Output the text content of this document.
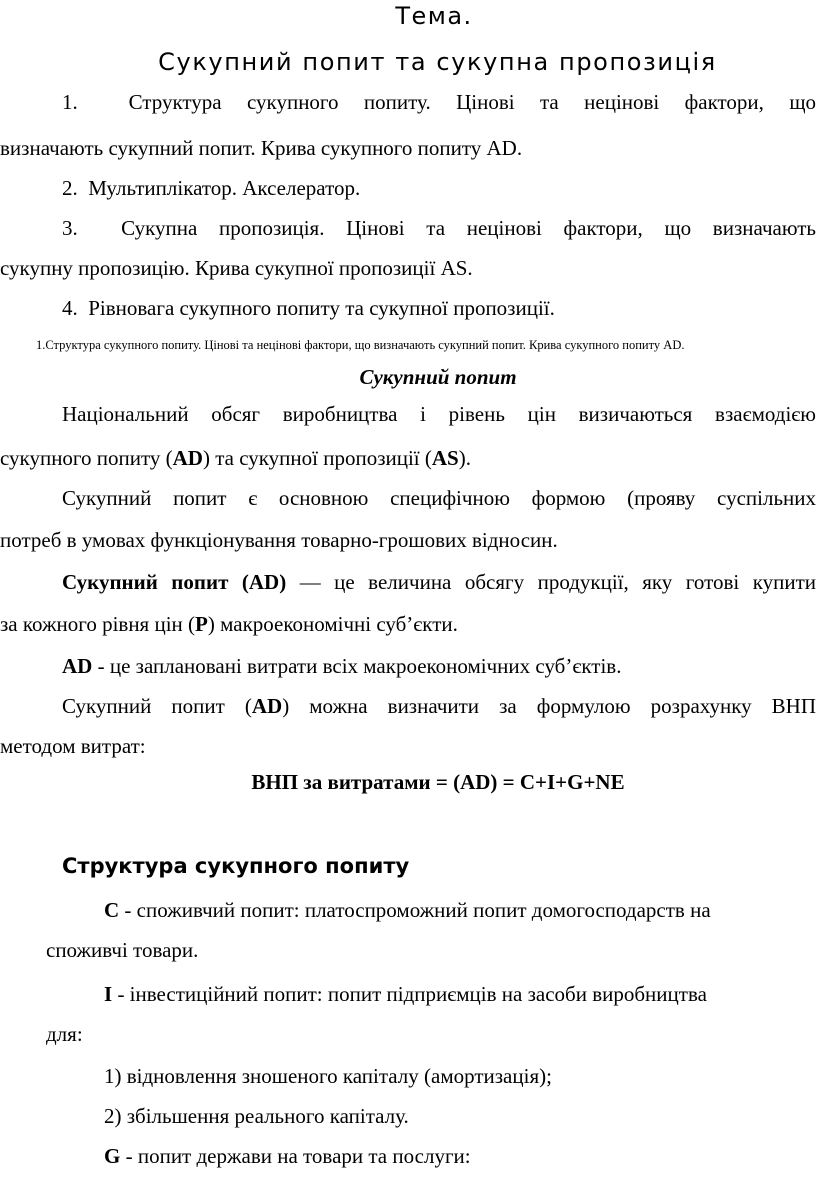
Тема.
Сукупний попит та сукупна пропозиція
1. Структура сукупного попиту. Цінові та нецінові фактори, що
визначають сукупний попит. Крива сукупного попиту AD.
2. Мультиплікатор. Акселератор.
3. Сукупна пропозиція. Цінові та нецінові фактори, що визначають
сукупну пропозицію. Крива сукупної пропозиції AS.
4. Рівновага сукупного попиту та сукупної пропозиції.
1.Структура сукупного попиту. Цінові та нецінові фактори, що визначають сукупний попит. Крива сукупного попиту AD.
Сукупний попит
Національний обсяг виробництва і рівень цін визичаються взаємодією
сукупного попиту (AD) та сукупної пропозиції (AS).
Сукупний попит є основною специфічною формою (прояву суспільних
потреб в умовах функціонування товарно-грошових відносин.
Сукупний попит (AD) — це величина обсягу продукції, яку готові купити
за кожного рівня цін (P) макроекономічні суб’єкти.
AD - це заплановані витрати всіх макроекономічних суб’єктів.
Сукупний попит (AD) можна визначити за формулою розрахунку ВНП
методом витрат:
ВНП за витратами = (AD) = C+I+G+NE
Структура сукупного попиту
C - споживчий попит: платоспроможний попит домогосподарств на
споживчі товари.
I - інвестиційний попит: попит підприємців на засоби виробництва
для:
1) відновлення зношеного капіталу (амортизація);
2) збільшення реального капіталу.
G - попит держави на товари та послуги:
